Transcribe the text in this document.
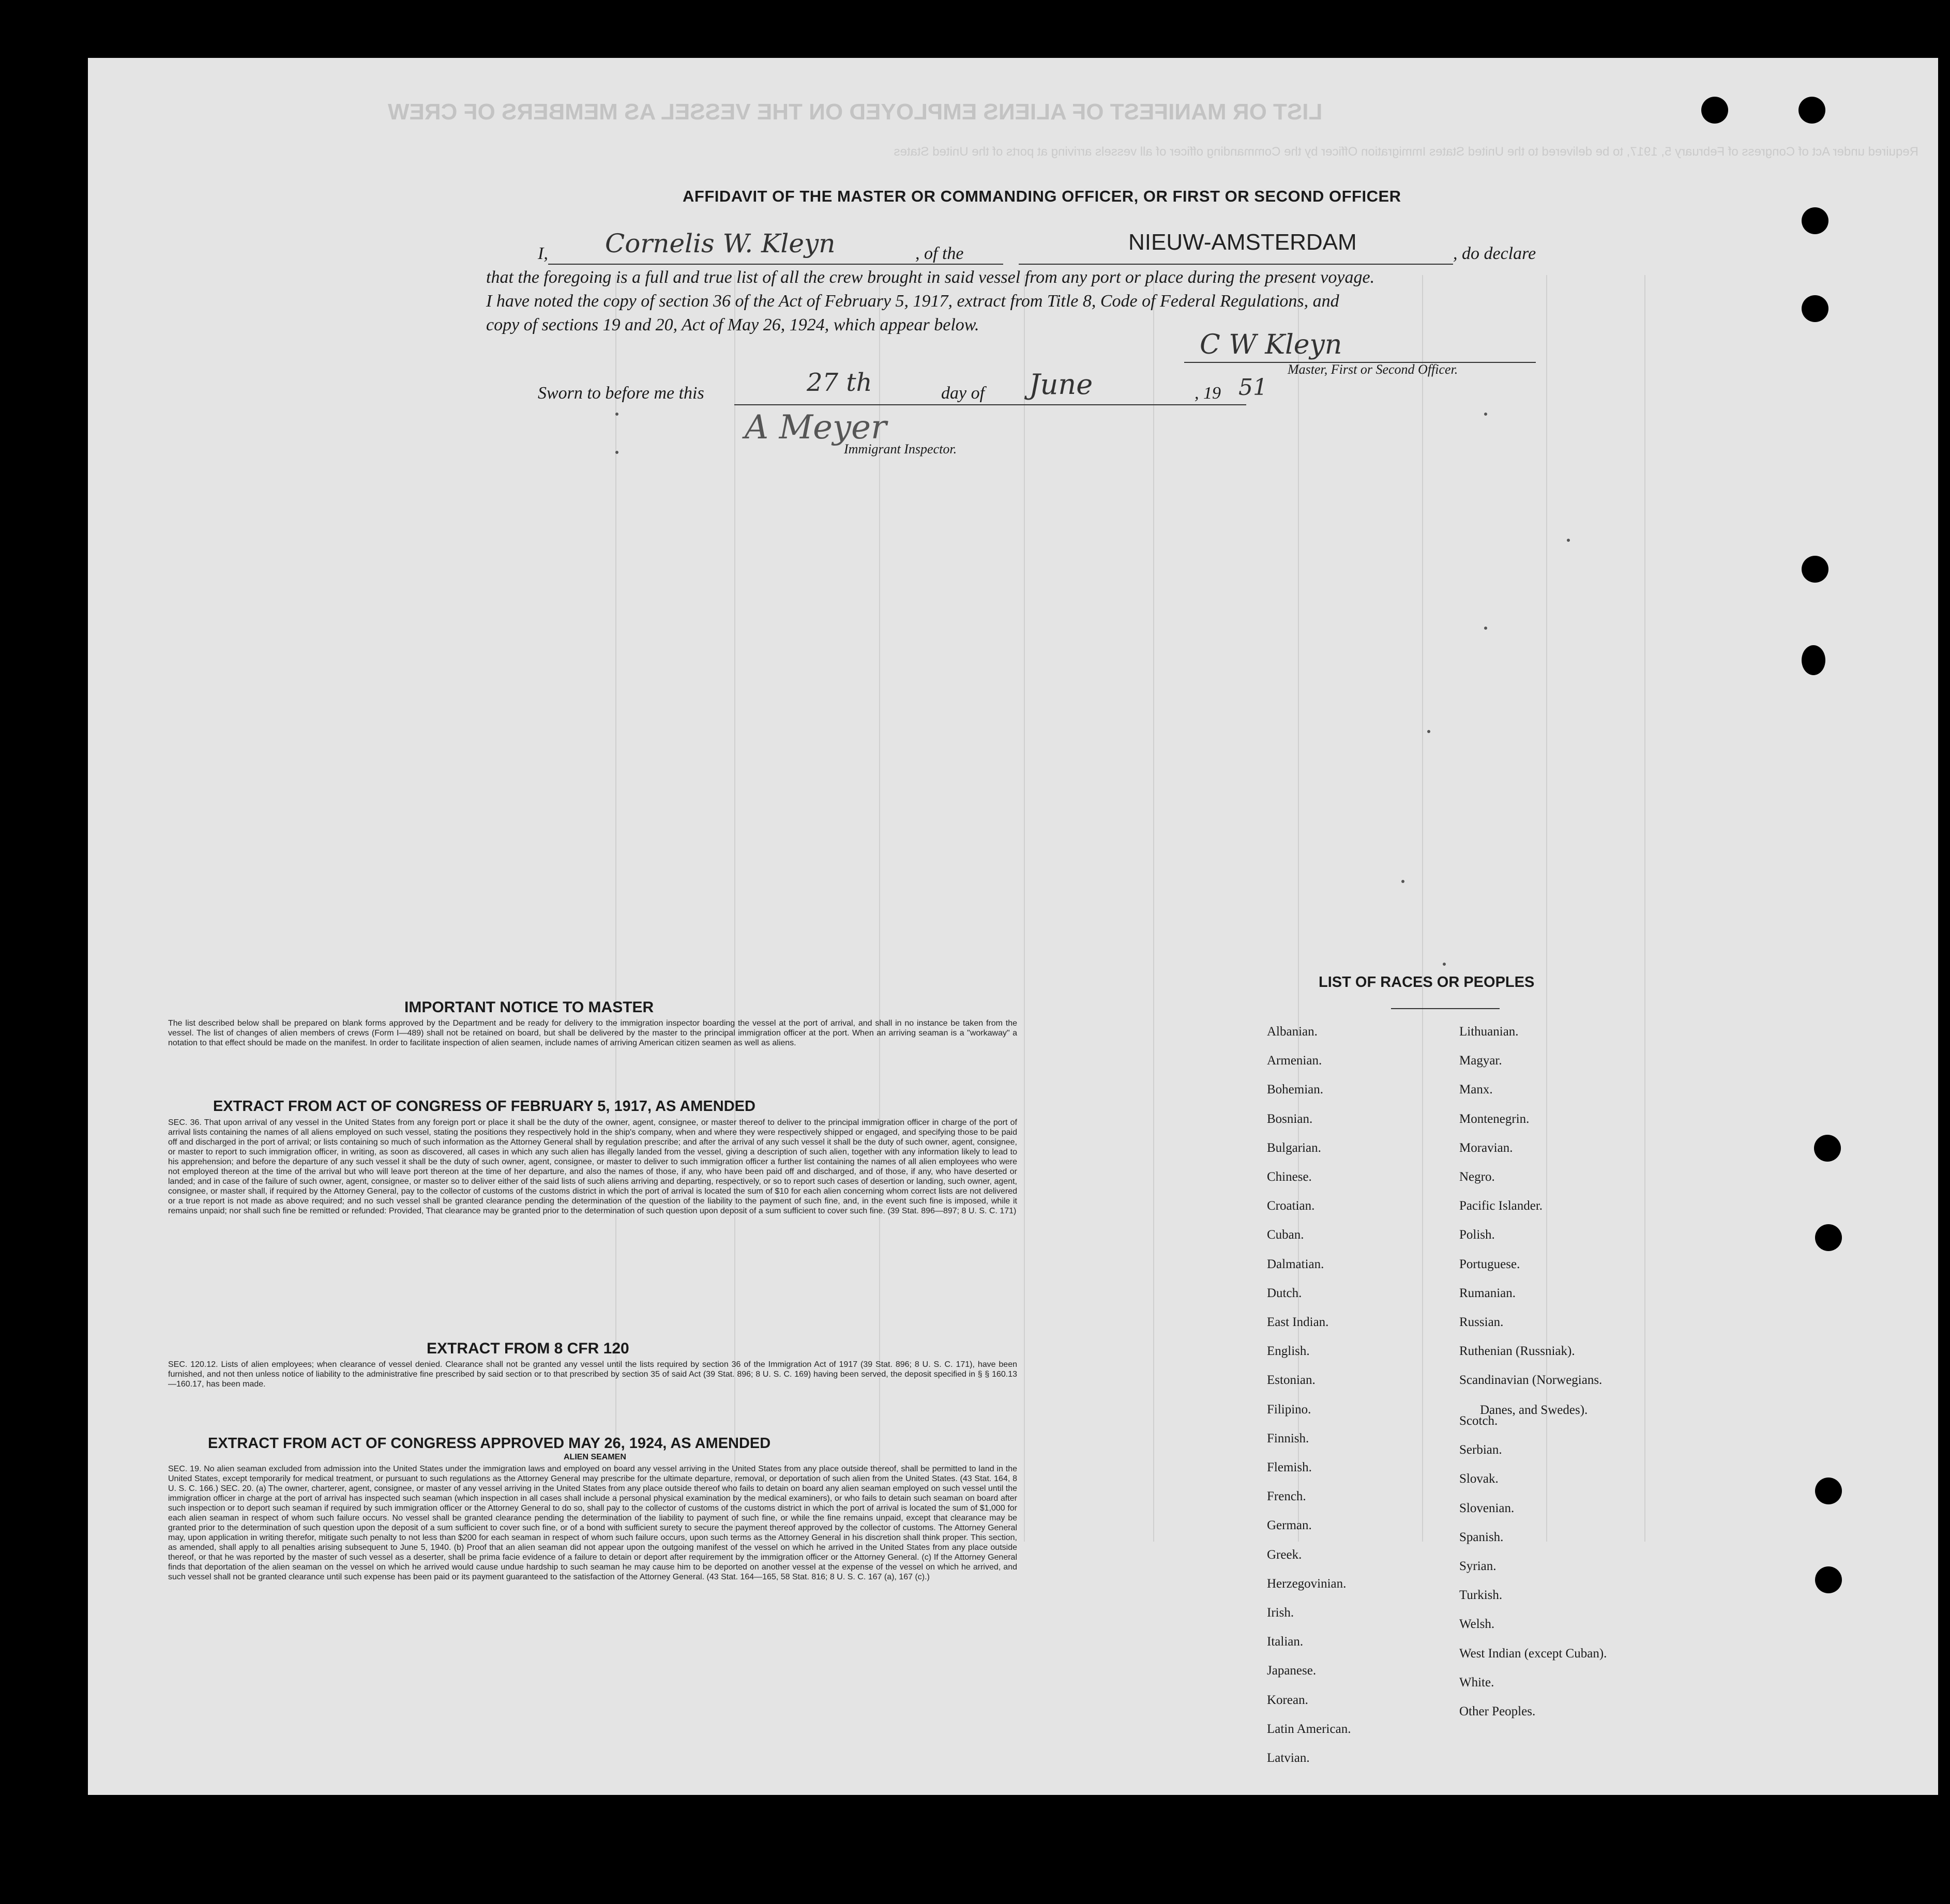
LIST OR MANIFEST OF ALIENS EMPLOYED ON THE VESSEL AS MEMBERS OF CREW
Required under Act of Congress of February 5, 1917, to be delivered to the United States Immigration Officer by the Commanding officer of all vessels arriving at ports of the United States
AFFIDAVIT OF THE MASTER OR COMMANDING OFFICER, OR FIRST OR SECOND OFFICER
I, Cornelis W. Kleyn	, of the	NIEUW-AMSTERDAM	, do declare
that the foregoing is a full and true list of all the crew brought in said vessel from any port or place during the present voyage.
I have noted the copy of section 36 of the Act of February 5, 1917, extract from Title 8, Code of Federal Regulations, and
copy of sections 19 and 20, Act of May 26, 1924, which appear below.
C W Kleyn
Master, First or Second Officer.
Sworn to before me this	27 th	day of June	, 19 51
A Meyer
Immigrant Inspector.
IMPORTANT NOTICE TO MASTER
The list described below shall be prepared on blank forms approved by the Department and be ready for delivery to the immigration inspector boarding the vessel at the port of arrival, and shall in no instance be taken from the vessel. The list of changes of alien members of crews (Form I—489) shall not be retained on board, but shall be delivered by the master to the principal immigration officer at the port. When an arriving seaman is a "workaway" a notation to that effect should be made on the manifest. In order to facilitate inspection of alien seamen, include names of arriving American citizen seamen as well as aliens.
EXTRACT FROM ACT OF CONGRESS OF FEBRUARY 5, 1917, AS AMENDED
SEC. 36. That upon arrival of any vessel in the United States from any foreign port or place it shall be the duty of the owner, agent, consignee, or master thereof to deliver to the principal immigration officer in charge of the port of arrival lists containing the names of all aliens employed on such vessel, stating the positions they respectively hold in the ship's company, when and where they were respectively shipped or engaged, and specifying those to be paid off and discharged in the port of arrival; or lists containing so much of such information as the Attorney General shall by regulation prescribe; and after the arrival of any such vessel it shall be the duty of such owner, agent, consignee, or master to report to such immigration officer, in writing, as soon as discovered, all cases in which any such alien has illegally landed from the vessel, giving a description of such alien, together with any information likely to lead to his apprehension; and before the departure of any such vessel it shall be the duty of such owner, agent, consignee, or master to deliver to such immigration officer a further list containing the names of all alien employees who were not employed thereon at the time of the arrival but who will leave port thereon at the time of her departure, and also the names of those, if any, who have been paid off and discharged, and of those, if any, who have deserted or landed; and in case of the failure of such owner, agent, consignee, or master so to deliver either of the said lists of such aliens arriving and departing, respectively, or so to report such cases of desertion or landing, such owner, agent, consignee, or master shall, if required by the Attorney General, pay to the collector of customs of the customs district in which the port of arrival is located the sum of $10 for each alien concerning whom correct lists are not delivered or a true report is not made as above required; and no such vessel shall be granted clearance pending the determination of the question of the liability to the payment of such fine, and, in the event such fine is imposed, while it remains unpaid; nor shall such fine be remitted or refunded: Provided, That clearance may be granted prior to the determination of such question upon deposit of a sum sufficient to cover such fine. (39 Stat. 896—897; 8 U. S. C. 171)
EXTRACT FROM 8 CFR 120
SEC. 120.12. Lists of alien employees; when clearance of vessel denied. Clearance shall not be granted any vessel until the lists required by section 36 of the Immigration Act of 1917 (39 Stat. 896; 8 U. S. C. 171), have been furnished, and not then unless notice of liability to the administrative fine prescribed by said section or to that prescribed by section 35 of said Act (39 Stat. 896; 8 U. S. C. 169) having been served, the deposit specified in § § 160.13—160.17, has been made.
EXTRACT FROM ACT OF CONGRESS APPROVED MAY 26, 1924, AS AMENDED
ALIEN SEAMEN
SEC. 19. No alien seaman excluded from admission into the United States under the immigration laws and employed on board any vessel arriving in the United States from any place outside thereof, shall be permitted to land in the United States, except temporarily for medical treatment, or pursuant to such regulations as the Attorney General may prescribe for the ultimate departure, removal, or deportation of such alien from the United States. (43 Stat. 164, 8 U. S. C. 166.) SEC. 20. (a) The owner, charterer, agent, consignee, or master of any vessel arriving in the United States from any place outside thereof who fails to detain on board any alien seaman employed on such vessel until the immigration officer in charge at the port of arrival has inspected such seaman (which inspection in all cases shall include a personal physical examination by the medical examiners), or who fails to detain such seaman on board after such inspection or to deport such seaman if required by such immigration officer or the Attorney General to do so, shall pay to the collector of customs of the customs district in which the port of arrival is located the sum of $1,000 for each alien seaman in respect of whom such failure occurs. No vessel shall be granted clearance pending the determination of the liability to payment of such fine, or while the fine remains unpaid, except that clearance may be granted prior to the determination of such question upon the deposit of a sum sufficient to cover such fine, or of a bond with sufficient surety to secure the payment thereof approved by the collector of customs. The Attorney General may, upon application in writing therefor, mitigate such penalty to not less than $200 for each seaman in respect of whom such failure occurs, upon such terms as the Attorney General in his discretion shall think proper. This section, as amended, shall apply to all penalties arising subsequent to June 5, 1940. (b) Proof that an alien seaman did not appear upon the outgoing manifest of the vessel on which he arrived in the United States from any place outside thereof, or that he was reported by the master of such vessel as a deserter, shall be prima facie evidence of a failure to detain or deport after requirement by the immigration officer or the Attorney General. (c) If the Attorney General finds that deportation of the alien seaman on the vessel on which he arrived would cause undue hardship to such seaman he may cause him to be deported on another vessel at the expense of the vessel on which he arrived, and such vessel shall not be granted clearance until such expense has been paid or its payment guaranteed to the satisfaction of the Attorney General. (43 Stat. 164—165, 58 Stat. 816; 8 U. S. C. 167 (a), 167 (c).)
LIST OF RACES OR PEOPLES
Albanian.
Armenian.
Bohemian.
Bosnian.
Bulgarian.
Chinese.
Croatian.
Cuban.
Dalmatian.
Dutch.
East Indian.
English.
Estonian.
Filipino.
Finnish.
Flemish.
French.
German.
Greek.
Herzegovinian.
Irish.
Italian.
Japanese.
Korean.
Latin American.
Latvian.
Lithuanian.
Magyar.
Manx.
Montenegrin.
Moravian.
Negro.
Pacific Islander.
Polish.
Portuguese.
Rumanian.
Russian.
Ruthenian (Russniak).
Scandinavian (Norwegians.
Danes, and Swedes).
Scotch.
Serbian.
Slovak.
Slovenian.
Spanish.
Syrian.
Turkish.
Welsh.
West Indian (except Cuban).
White.
Other Peoples.
